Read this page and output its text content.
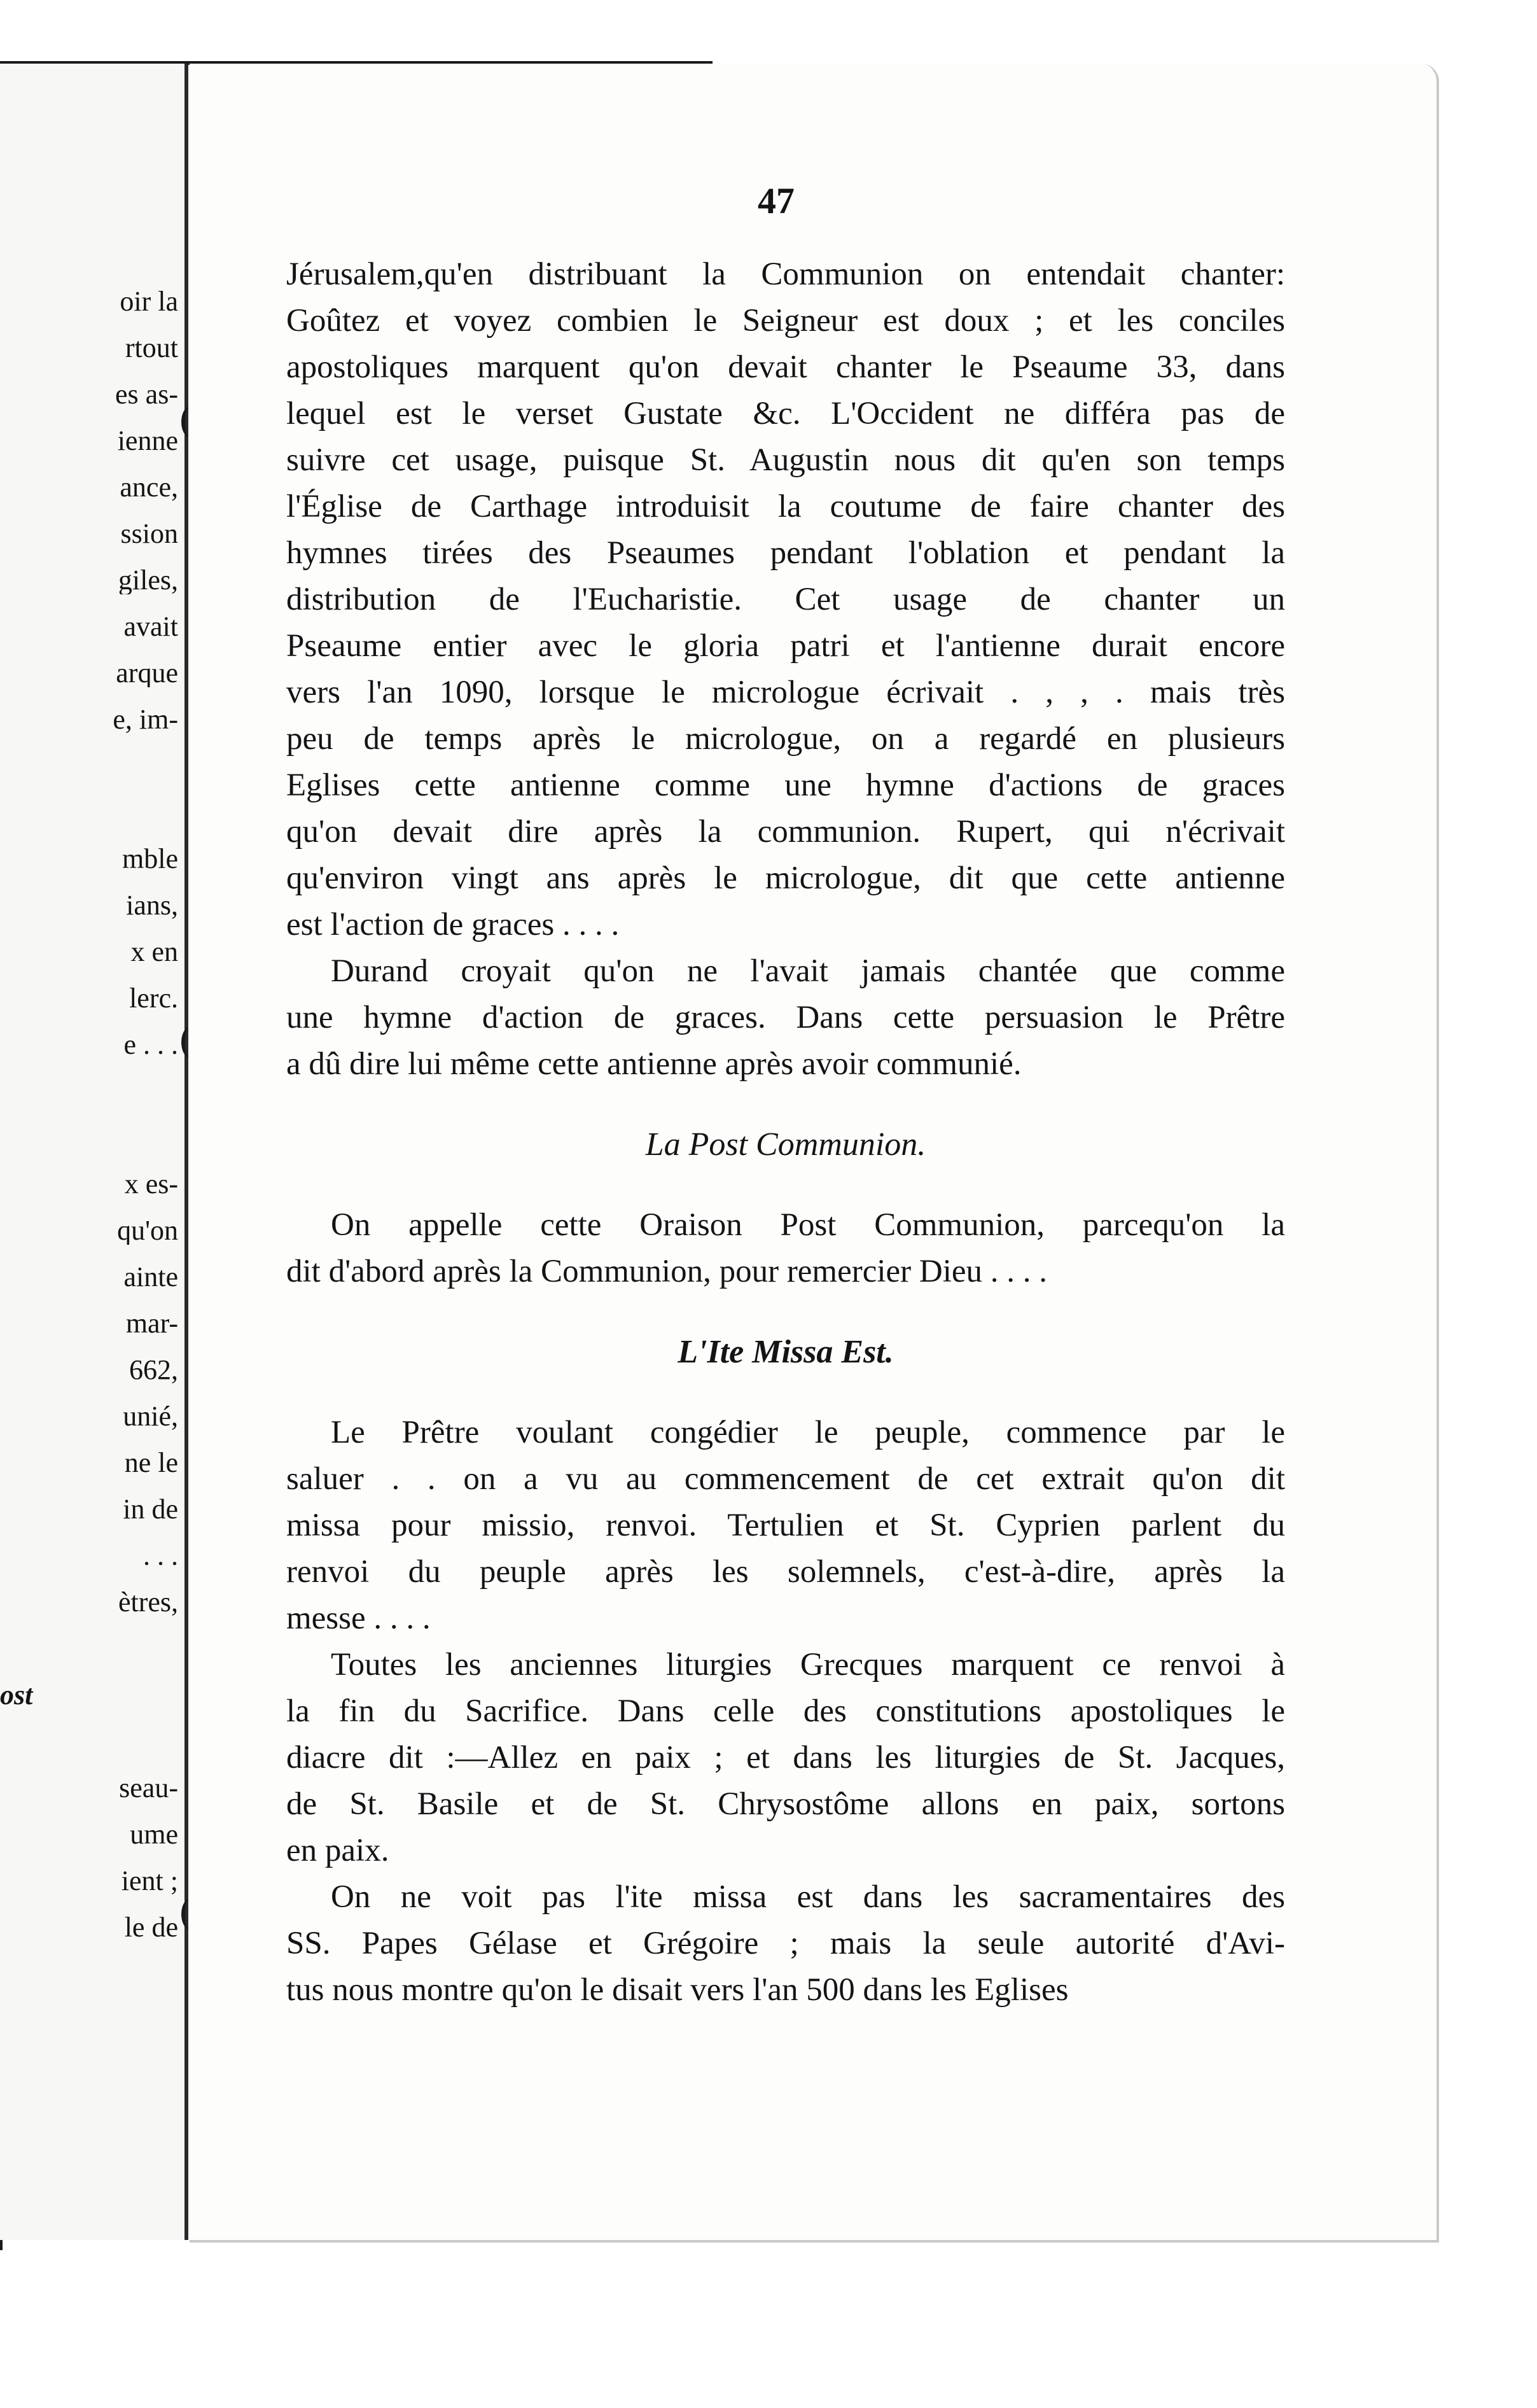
oir la
rtout
es as-
ienne
ance,
ssion
giles,
avait
arque
e, im-
mble
ians,
x en
lerc.
e . . .
x es-
qu'on
ainte
mar-
662,
unié,
ne le
in de
. . .
ètres,
ost
seau-
ume
ient ;
le de
47
Jérusalem,qu'en distribuant la Communion on entendait chanter:
Goûtez et voyez combien le Seigneur est doux ; et les conciles
apostoliques marquent qu'on devait chanter le Pseaume 33, dans
lequel est le verset Gustate &c. L'Occident ne différa pas de
suivre cet usage, puisque St. Augustin nous dit qu'en son temps
l'Église de Carthage introduisit la coutume de faire chanter des
hymnes tirées des Pseaumes pendant l'oblation et pendant la
distribution de l'Eucharistie. Cet usage de chanter un
Pseaume entier avec le gloria patri et l'antienne durait encore
vers l'an 1090, lorsque le micrologue écrivait . , , . mais très
peu de temps après le micrologue, on a regardé en plusieurs
Eglises cette antienne comme une hymne d'actions de graces
qu'on devait dire après la communion. Rupert, qui n'écrivait
qu'environ vingt ans après le micrologue, dit que cette antienne
est l'action de graces . . . .
Durand croyait qu'on ne l'avait jamais chantée que comme
une hymne d'action de graces. Dans cette persuasion le Prêtre
a dû dire lui même cette antienne après avoir communié.
La Post Communion.
On appelle cette Oraison Post Communion, parcequ'on la
dit d'abord après la Communion, pour remercier Dieu . . . .
L'Ite Missa Est.
Le Prêtre voulant congédier le peuple, commence par le
saluer . . on a vu au commencement de cet extrait qu'on dit
missa pour missio, renvoi. Tertulien et St. Cyprien parlent du
renvoi du peuple après les solemnels, c'est-à-dire, après la
messe . . . .
Toutes les anciennes liturgies Grecques marquent ce renvoi à
la fin du Sacrifice. Dans celle des constitutions apostoliques le
diacre dit :—Allez en paix ; et dans les liturgies de St. Jacques,
de St. Basile et de St. Chrysostôme allons en paix, sortons
en paix.
On ne voit pas l'ite missa est dans les sacramentaires des
SS. Papes Gélase et Grégoire ; mais la seule autorité d'Avi-
tus nous montre qu'on le disait vers l'an 500 dans les Eglises
